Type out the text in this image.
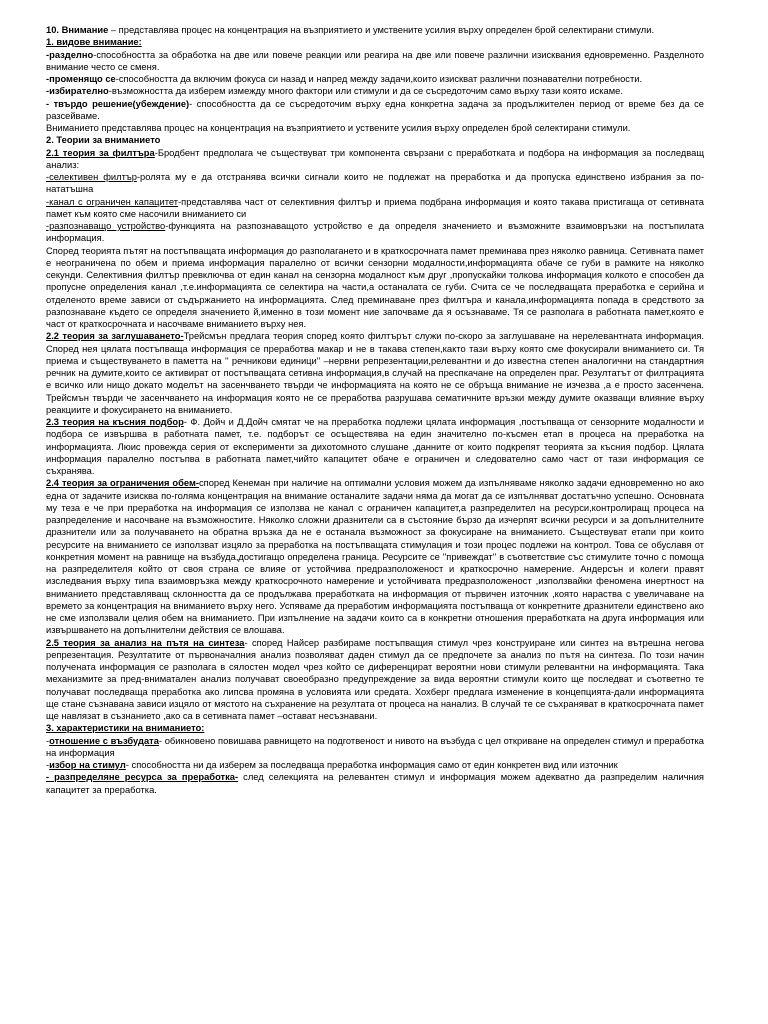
10. Внимание – представлява процес на концентрация на възприятието и умствените усилия върху определен брой селектирани стимули.

1. видове внимание:

-разделно-способността за обработка на две или повече реакции или реагира на две или повече различни изисквания едновременно. Разделното внимание често се сменя.

-променящо се-способността да включим фокуса си назад и напред между задачи,които изискват различни познавателни потребности.

-избирателно-възможността да изберем измежду много фактори или стимули и да се съсредоточим само върху тази която искаме.

- твърдо решение(убеждение)- способността да се съсредоточим върху една конкретна задача за продължителен период от време без да се разсейваме.

Вниманието представлява процес на концентрация на възприятието и уствените усилия върху определен брой селектирани стимули.

2. Теории за вниманието

2.1 теория за филтъра-Бродбент предполага че съществуват три компонента свързани с преработката и подбора на информация за последващ анализ:

-селективен филтър-ролята му е да отстранява всички сигнали които не подлежат на преработка и да пропуска единствено избрания за по-нататъшна

-канал с ограничен капацитет-представлява част от селективния филтър и приема подбрана информация и която такава пристигаща от сетивната памет към която сме насочили вниманието си

-разпознаващо устройство-функцията на разпознаващото устройство е да определя значението и възможните взаимовръзки на постъпилата информация.

Според теорията пътят на постъпващата информация до разполагането и в краткосрочната памет преминава през няколко равница. Сетивната памет е неограничена по обем и приема информация паралелно от всички сензорни модалности,информацията обаче се губи в рамките на няколко секунди. Селективния филтър превключва от един канал на сензорна модалност към друг ,пропускайки толкова информация колкото е способен да пропусне определения канал ,т.е.информацията се селектира на части,а останалата се губи. Счита се че последващата преработка е серийна и отделеното време зависи от съдържанието на информацията. След преминаване през филтъра и канала,информацията попада в средството за разпознаване където се определя значението й,именно в този момент ние започваме да я осъзнаваме. Тя се разполага в работната памет,която е част от краткосрочната и насочваме вниманието върху нея.

2.2 теория за заглушаването-Трейсмън предлага теория според която филтърът служи по-скоро за заглушаване на нерелевантната информация. Според нея цялата постъпваща информация се преработва макар и не в такава степен,както тази върху която сме фокусирали вниманието си. Тя приема и съществуването в паметта на '' речникови единици'' –нервни репрезентации,релевантни и до известна степен аналогични на стандартния речник на думите,които се активират от постъпващата сетивна информация,в случай на преспкачане на определен праг. Резултатът от филтрацията е всичко или нищо докато моделът на засенчването твърди че информацията на която не се обръща внимание не изчезва ,а е просто засенчена. Трейсмън твърди че засенчването на информация която не се преработва разрушава сематичните връзки между думите оказващи влияние върху реакциите и фокусирането на вниманието.

2.3 теория на късния подбор- Ф. Дойч и Д.Дойч смятат че на преработка подлежи цялата информация ,постъпваща от сензорните модалности и подбора се извършва в работната памет, т.е. подборът се осъществява на един значително по-късмен етап в процеса на преработка на информацията. Люис провежда серия от експерименти за дихотомното слушане ,данните от които подкрепят теорията за късния подбор. Цялата информация паралелно постъпва в работната памет,чийто капацитет обаче е ограничен и следователно само част от тази информация се съхранява.

2.4 теория за ограничения обем-според Кенеман при наличие на оптимални условия можем да изпълняваме няколко задачи едновременно но ако една от задачите изисква по-голяма концентрация на внимание останалите задачи няма да могат да се изпълняват достатъчно успешно. Основната му теза е че при преработка на информация се използва не канал с ограничен капацитет,а разпределител на ресурси,контролиращ процеса на разпределение и насочване на възможностите. Няколко сложни дразнители са в състояние бързо да изчерпят всички ресурси и за допълнителните дразнители или за получаването на обратна връзка да не е останала възможност за фокусиране на вниманието. Съществуват етапи при които ресурсите на вниманието се използват изцяло за преработка на постъпващата стимулация и този процес подлежи на контрол. Това се обуславя от конкретния момент на равнище на възбуда,достигащо определена граница. Ресурсите се ''привеждат'' в съответствие със стимулите точно с помоща на разпределителя който от своя страна се влияе от устойчива предразположеност и краткосрочно намерение. Андерсън и колеги правят изследвания върху типа взаимовръзка между краткосрочното намерение и устойчивата предразположеност ,използвайки феномена инертност на вниманието представляващ склонността да се продължава преработката на информация от първичен източник ,която нараства с увеличаване на времето за концентрация на вниманието върху него. Успяваме да преработим информацията постъпваща от конкретните дразнители единствено ако не сме използвали целия обем на вниманието. При изпълнение на задачи които са в конкретни отношения преработката на друга информация или извършването на допълнителни действия се влошава.

2.5 теория за анализ на пътя на синтеза- според Найсер разбираме постъпващия стимул чрез конструиране или синтез на вътрешна негова репрезентация. Резултатите от първоначалния анализ позволяват даден стимул да се предпочете за анализ по пътя на синтеза. По този начин получената информация се разполага в сялостен модел чрез който се диференцират вероятни нови стимули релевантни на информацията. Така механизмите за пред-вниматален анализ получават своеобразно предупреждение за вида вероятни стимули които ще последват и съответно те получават последваща преработка ако липсва промяна в условията или средата. Хохберг предлага изменение в концепцията-дали информацията ще стане съзнавана зависи изцяло от мястото на съхранение на резултата от процеса на нанализ. В случай те се съхраняват в краткосрочната памет ще навлязат в съзнанието ,ако са в сетивната памет –остават несъзнавани.

3. характеристики на вниманието:

-отношение с възбудата- обикновено повишава равнището на подготвеност и нивото на възбуда с цел откриване на определен стимул и преработка на информация

-избор на стимул- способността ни да изберем за последваща преработка информация само от един конкретен вид или източник

- разпределяне ресурса за преработка- след селекцията на релевантен стимул и информация можем адекватно да разпределим наличния капацитет за преработка.
